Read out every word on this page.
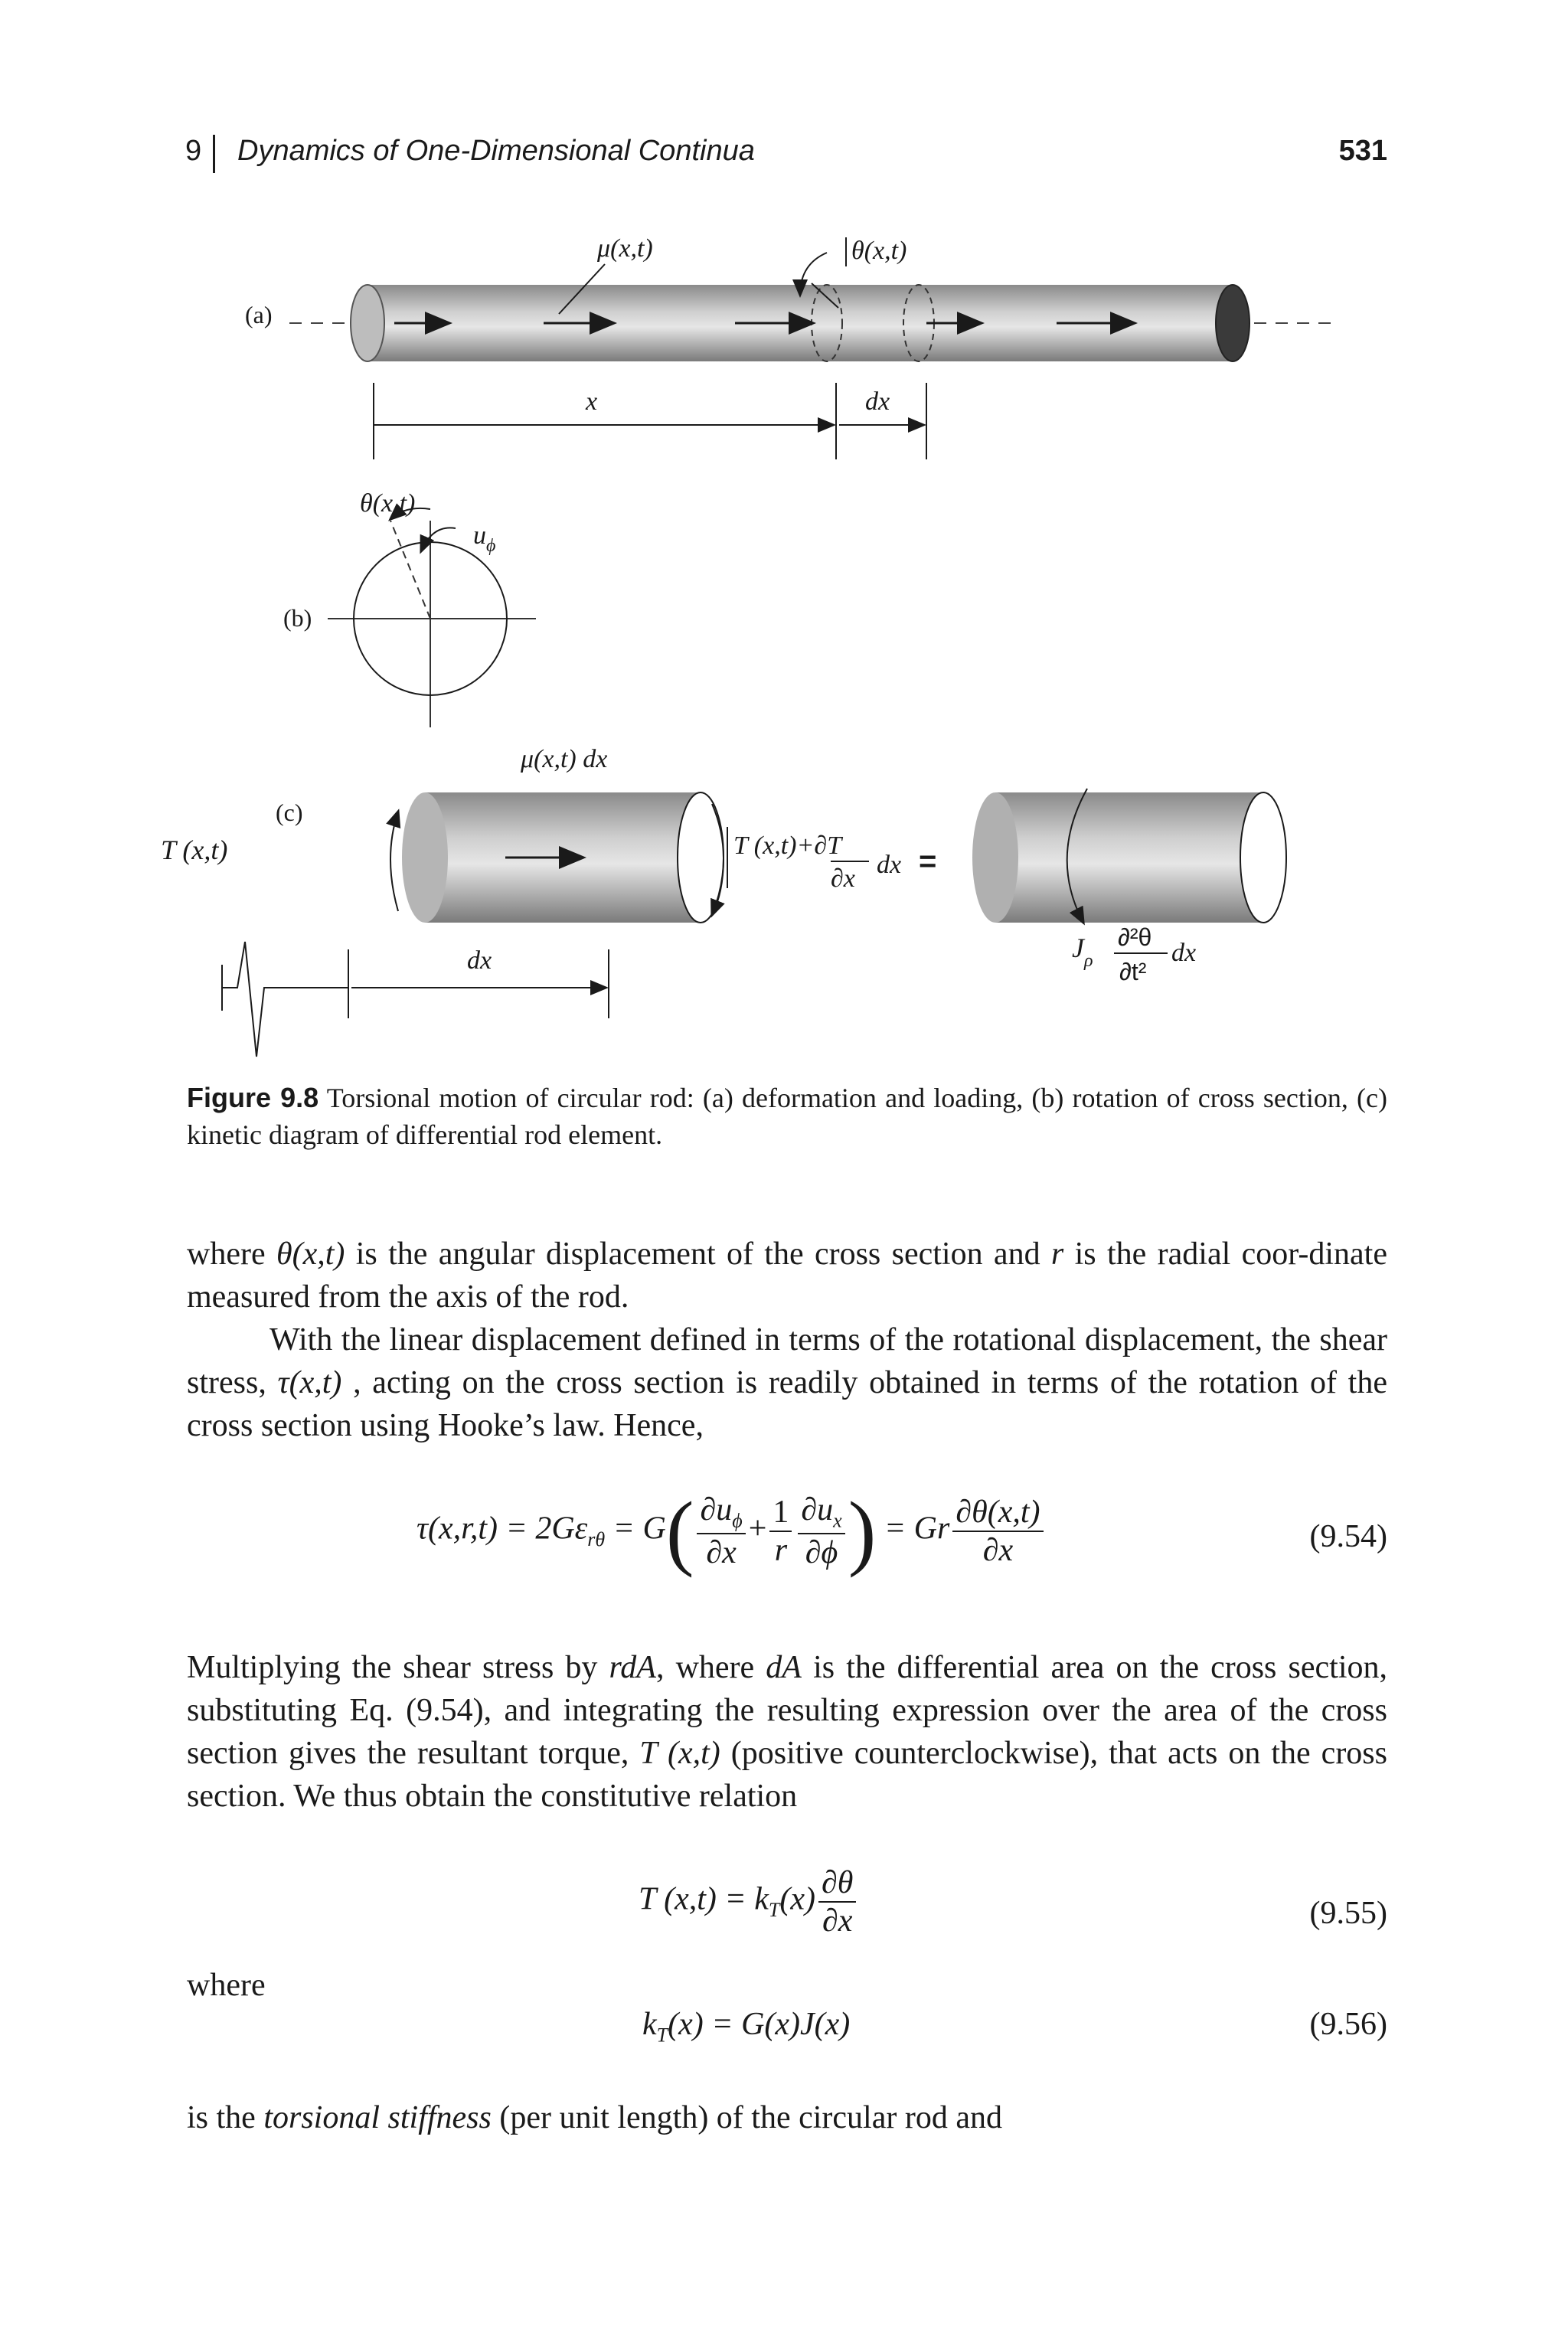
9 Dynamics of One-Dimensional Continua	531
(a)
μ(x,t)	θ(x,t)
x	dx
(b)
θ(x,t)
$u_\phi$
(c)
μ(x,t) dx
T (x,t)	T (x,t)+∂T
∂x dx =
dx	$J_\rho$
∂²θ
∂t²
dx
Figure 9.8 Torsional motion of circular rod: (a) deformation and loading, (b) rotation of cross section, (c) kinetic diagram of differential rod element.
where θ(x,t) is the angular displacement of the cross section and r is the radial coor-dinate measured from the axis of the rod.
With the linear displacement defined in terms of the rotational displacement, the shear stress, τ(x,t) , acting on the cross section is readily obtained in terms of the rotation of the cross section using Hooke’s law. Hence,
$\tau(x,r,t) = 2G\varepsilon_{r\theta} = G( \frac{\partial u_\phi}{\partial x} + \frac{1}{r} \frac{\partial u_x}{\partial\phi}$ ) = Gr $\frac{\partial\theta(x,t)}{\partial x}$	(9.54)
Multiplying the shear stress by rdA, where dA is the differential area on the cross section, substituting Eq. (9.54), and integrating the resulting expression over the area of the cross section gives the resultant torque, T (x,t) (positive counterclockwise), that acts on the cross section. We thus obtain the constitutive relation
T $(x,t) = k_T(x) \frac{\partial\theta}{\partial x}$	(9.55)
where
$k_T(x) = G(x)J(x)$	(9.56)
is the torsional stiffness (per unit length) of the circular rod and
